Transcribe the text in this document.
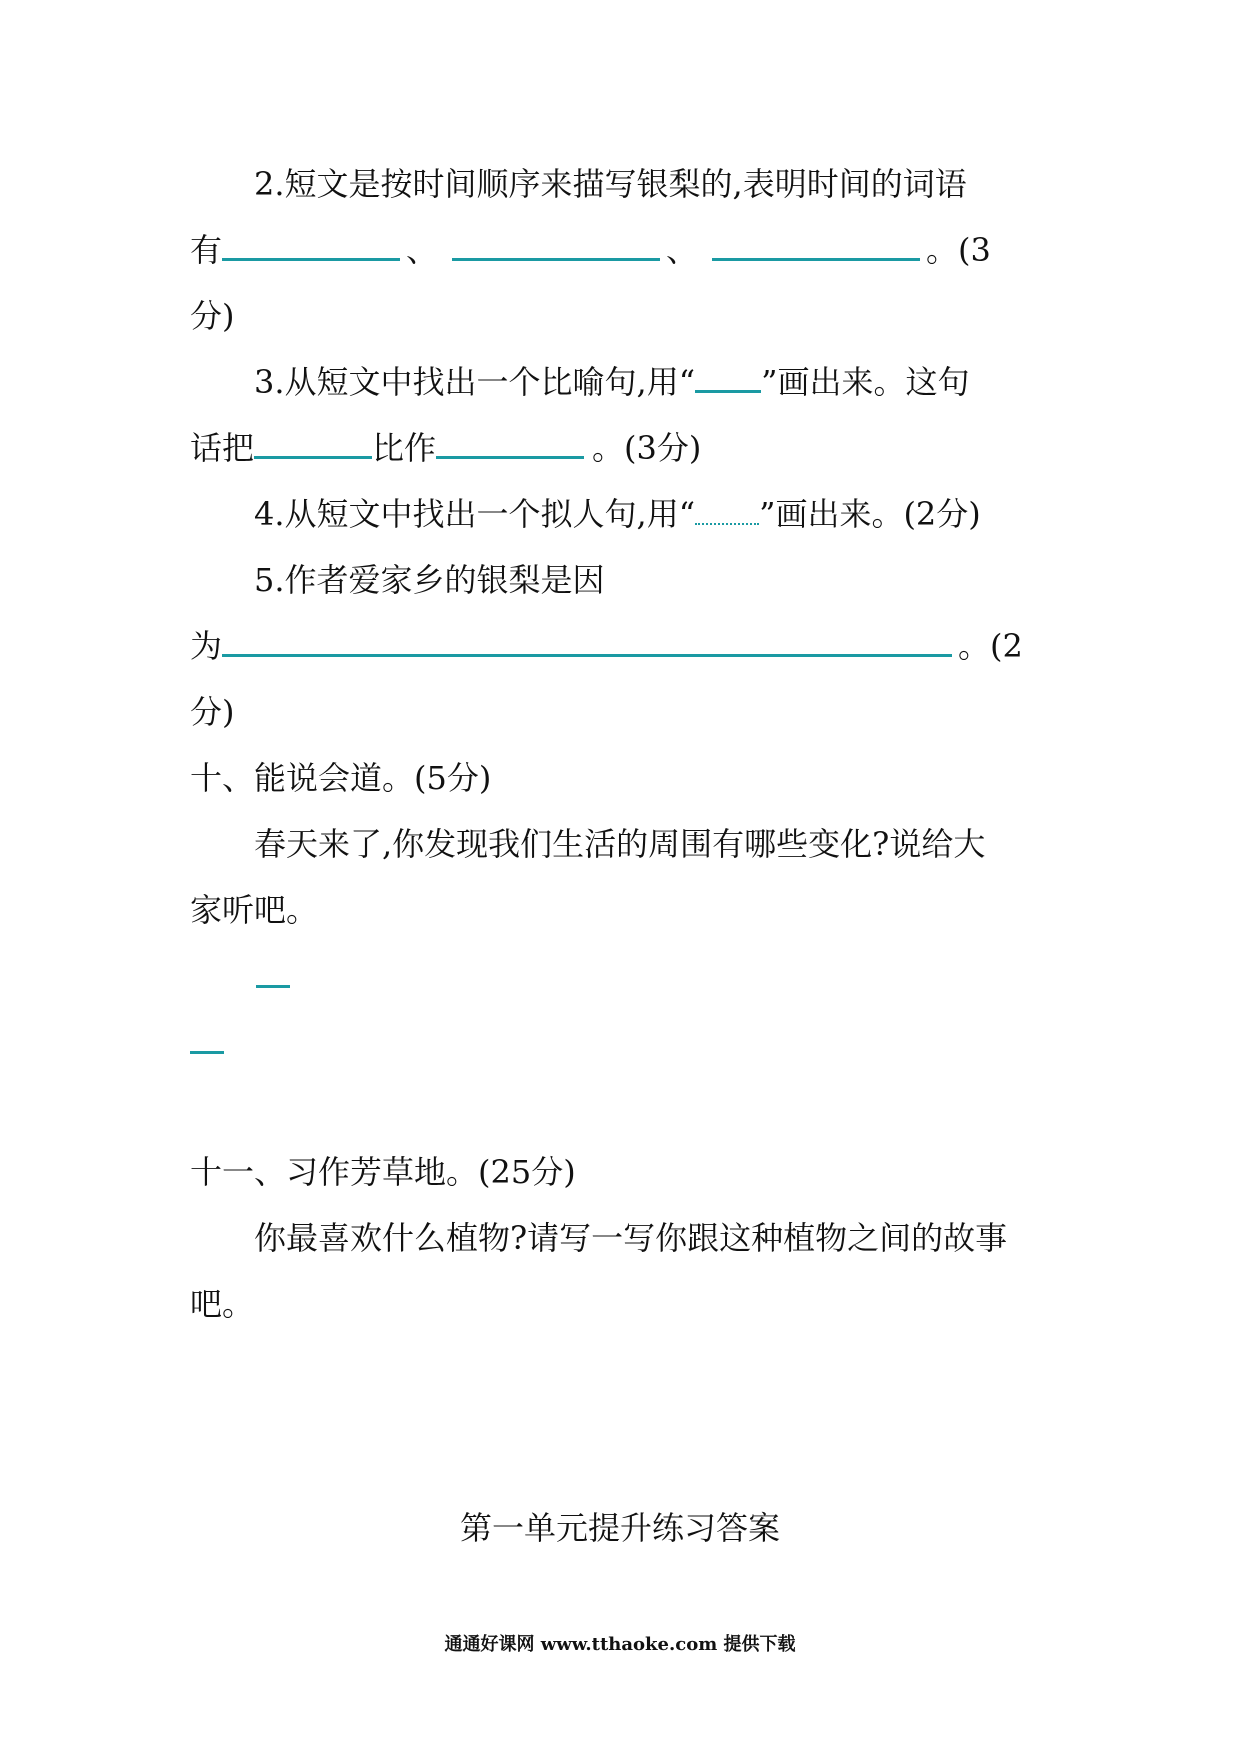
2.短文是按时间顺序来描写银梨的,表明时间的词语
有	、	、	。(3
分)
3.从短文中找出一个比喻句,用“ ”画出来。这句
话把	比作	。(3分)
4.从短文中找出一个拟人句,用“ ”画出来。(2分)
5.作者爱家乡的银梨是因
为	。(2
分)
十、能说会道。(5分)
春天来了,你发现我们生活的周围有哪些变化?说给大
家听吧。
十一、习作芳草地。(25分)
你最喜欢什么植物?请写一写你跟这种植物之间的故事
吧。
第一单元提升练习答案
通通好课网 www.tthaoke.com 提供下载
